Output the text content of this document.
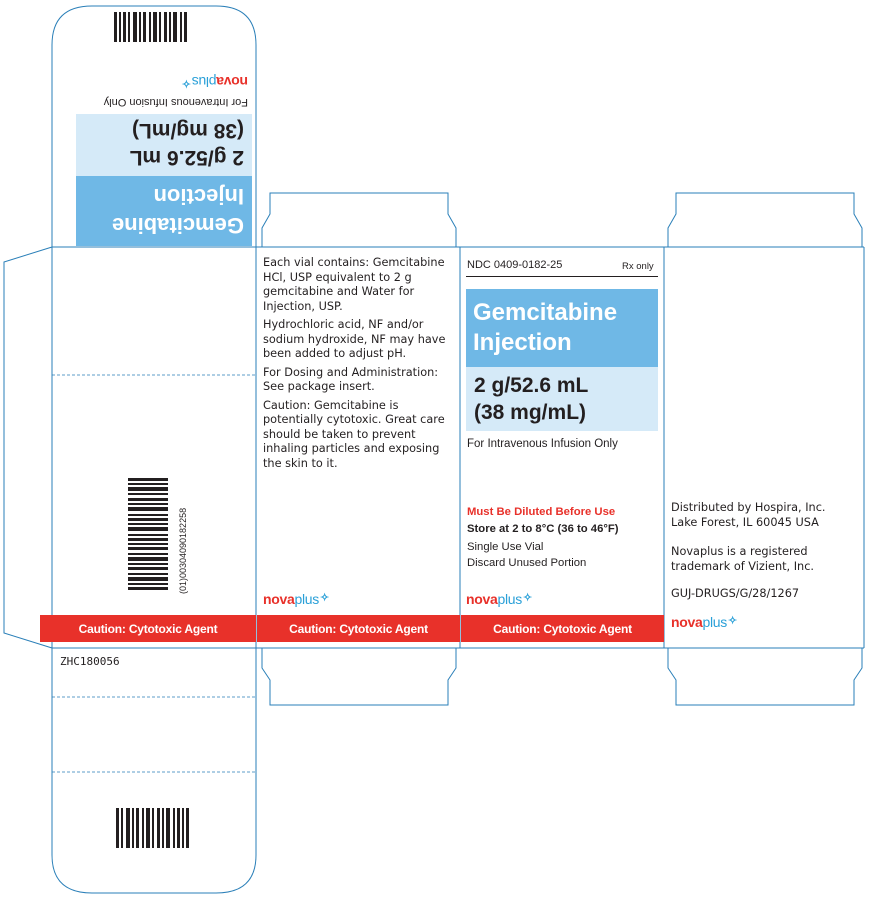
Gemcitabine
Injection
2 g/52.6 mL
(38 mg/mL)
For Intravenous Infusion Only
novaplus✧
(01)00304090182258
Caution: Cytotoxic Agent
ZHC180056

Each vial contains: Gemcitabine HCl, USP equivalent to 2 g gemcitabine and Water for Injection, USP.

Hydrochloric acid, NF and/or sodium hydroxide, NF may have been added to adjust pH.

For Dosing and Administration: See package insert.

Caution: Gemcitabine is potentially cytotoxic. Great care should be taken to prevent inhaling particles and exposing the skin to it.

novaplus✧
Caution: Cytotoxic Agent
NDC 0409-0182-25	Rx only
Gemcitabine
Injection
2 g/52.6 mL
(38 mg/mL)
For Intravenous Infusion Only
Must Be Diluted Before Use
Store at 2 to 8°C (36 to 46°F)
Single Use Vial
Discard Unused Portion
novaplus✧
Caution: Cytotoxic Agent
Distributed by Hospira, Inc.
Lake Forest, IL 60045 USA
Novaplus is a registered
trademark of Vizient, Inc.
GUJ-DRUGS/G/28/1267
novaplus✧
